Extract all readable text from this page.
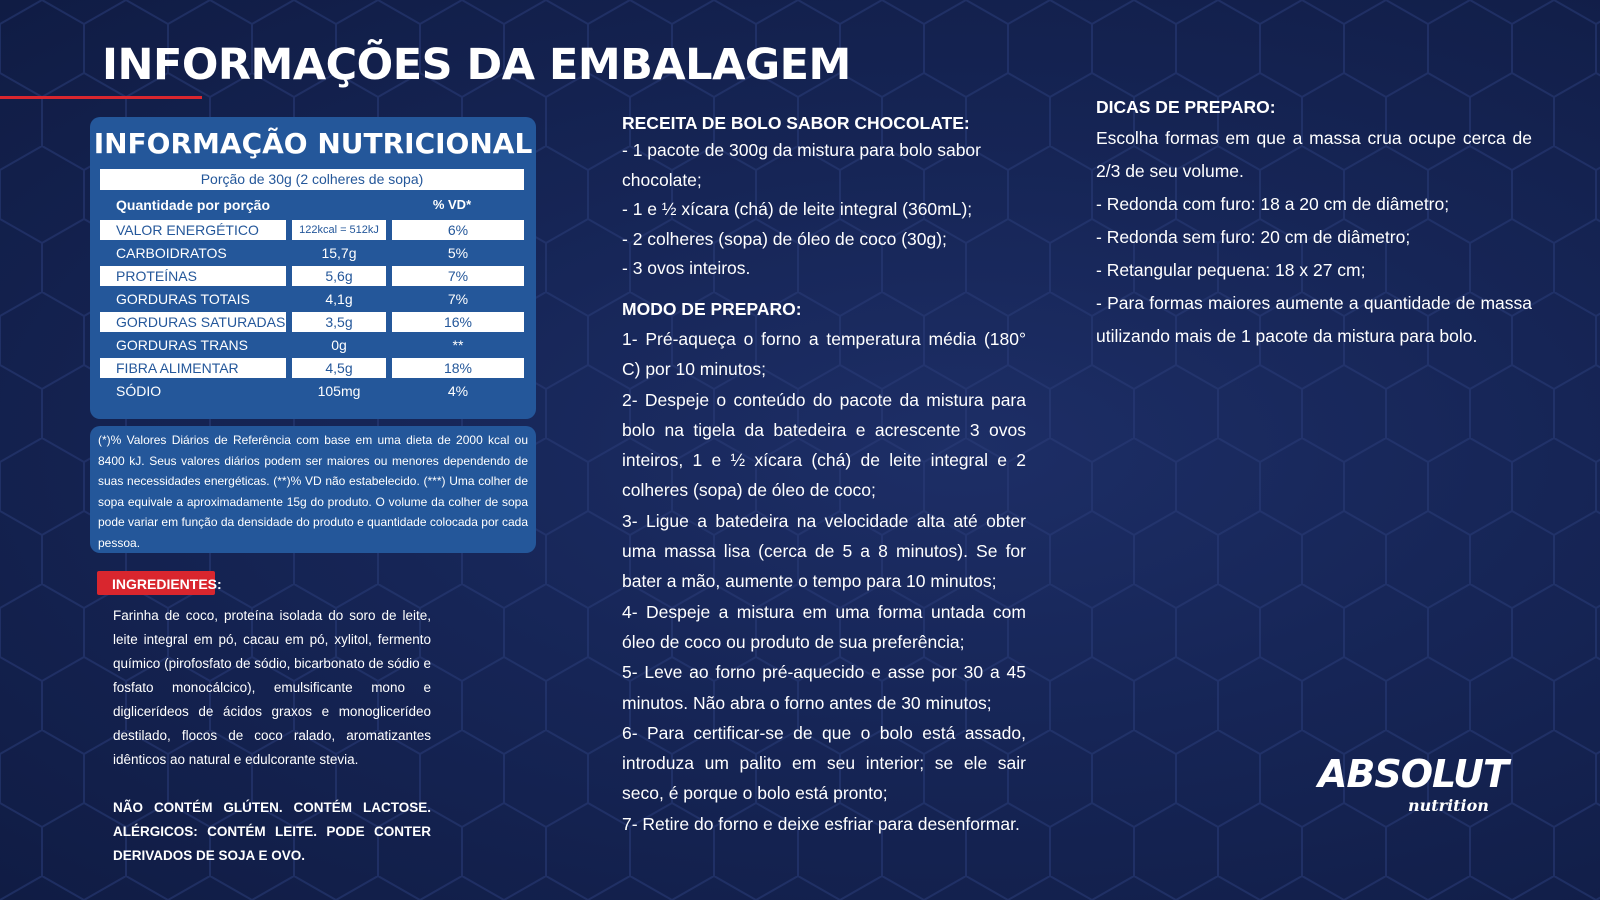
INFORMAÇÕES DA EMBALAGEM
INFORMAÇÃO NUTRICIONAL
Porção de 30g (2 colheres de sopa)
Quantidade por porção	% VD*
VALOR ENERGÉTICO	122kcal = 512kJ	6%
CARBOIDRATOS	15,7g	5%
PROTEÍNAS	5,6g	7%
GORDURAS TOTAIS	4,1g	7%
GORDURAS SATURADAS	3,5g	16%
GORDURAS TRANS	0g	**
FIBRA ALIMENTAR	4,5g	18%
SÓDIO	105mg	4%

(*)% Valores Diários de Referência com base em uma dieta de 2000 kcal ou 8400 kJ. Seus valores diários podem ser maiores ou menores dependendo de suas necessidades energéticas. (**)% VD não estabelecido. (***) Uma colher de sopa equivale a aproximadamente 15g do produto. O volume da colher de sopa pode variar em função da densidade do produto e quantidade colocada por cada pessoa.

INGREDIENTES:

Farinha de coco, proteína isolada do soro de leite, leite integral em pó, cacau em pó, xylitol, fermento químico (pirofosfato de sódio, bicarbonato de sódio e fosfato monocálcico), emulsificante mono e diglicerídeos de ácidos graxos e monoglicerídeo destilado, flocos de coco ralado, aromatizantes idênticos ao natural e edulcorante stevia.

NÃO CONTÉM GLÚTEN. CONTÉM LACTOSE. ALÉRGICOS: CONTÉM LEITE. PODE CONTER DERIVADOS DE SOJA E OVO.

RECEITA DE BOLO SABOR CHOCOLATE:

- 1 pacote de 300g da mistura para bolo sabor chocolate;

- 1 e ½ xícara (chá) de leite integral (360mL);

- 2 colheres (sopa) de óleo de coco (30g);

- 3 ovos inteiros.

MODO DE PREPARO:

1- Pré-aqueça o forno a temperatura média (180° C) por 10 minutos;

2- Despeje o conteúdo do pacote da mistura para bolo na tigela da batedeira e acrescente 3 ovos inteiros, 1 e ½ xícara (chá) de leite integral e 2 colheres (sopa) de óleo de coco;

3- Ligue a batedeira na velocidade alta até obter uma massa lisa (cerca de 5 a 8 minutos). Se for bater a mão, aumente o tempo para 10 minutos;

4- Despeje a mistura em uma forma untada com óleo de coco ou produto de sua preferência;

5- Leve ao forno pré-aquecido e asse por 30 a 45 minutos. Não abra o forno antes de 30 minutos;

6- Para certificar-se de que o bolo está assado, introduza um palito em seu interior; se ele sair seco, é porque o bolo está pronto;

7- Retire do forno e deixe esfriar para desenformar.

DICAS DE PREPARO:

Escolha formas em que a massa crua ocupe cerca de 2/3 de seu volume.

- Redonda com furo: 18 a 20 cm de diâmetro;

- Redonda sem furo: 20 cm de diâmetro;

- Retangular pequena: 18 x 27 cm;

- Para formas maiores aumente a quantidade de massa utilizando mais de 1 pacote da mistura para bolo.

ABSOLUT
nutrition
